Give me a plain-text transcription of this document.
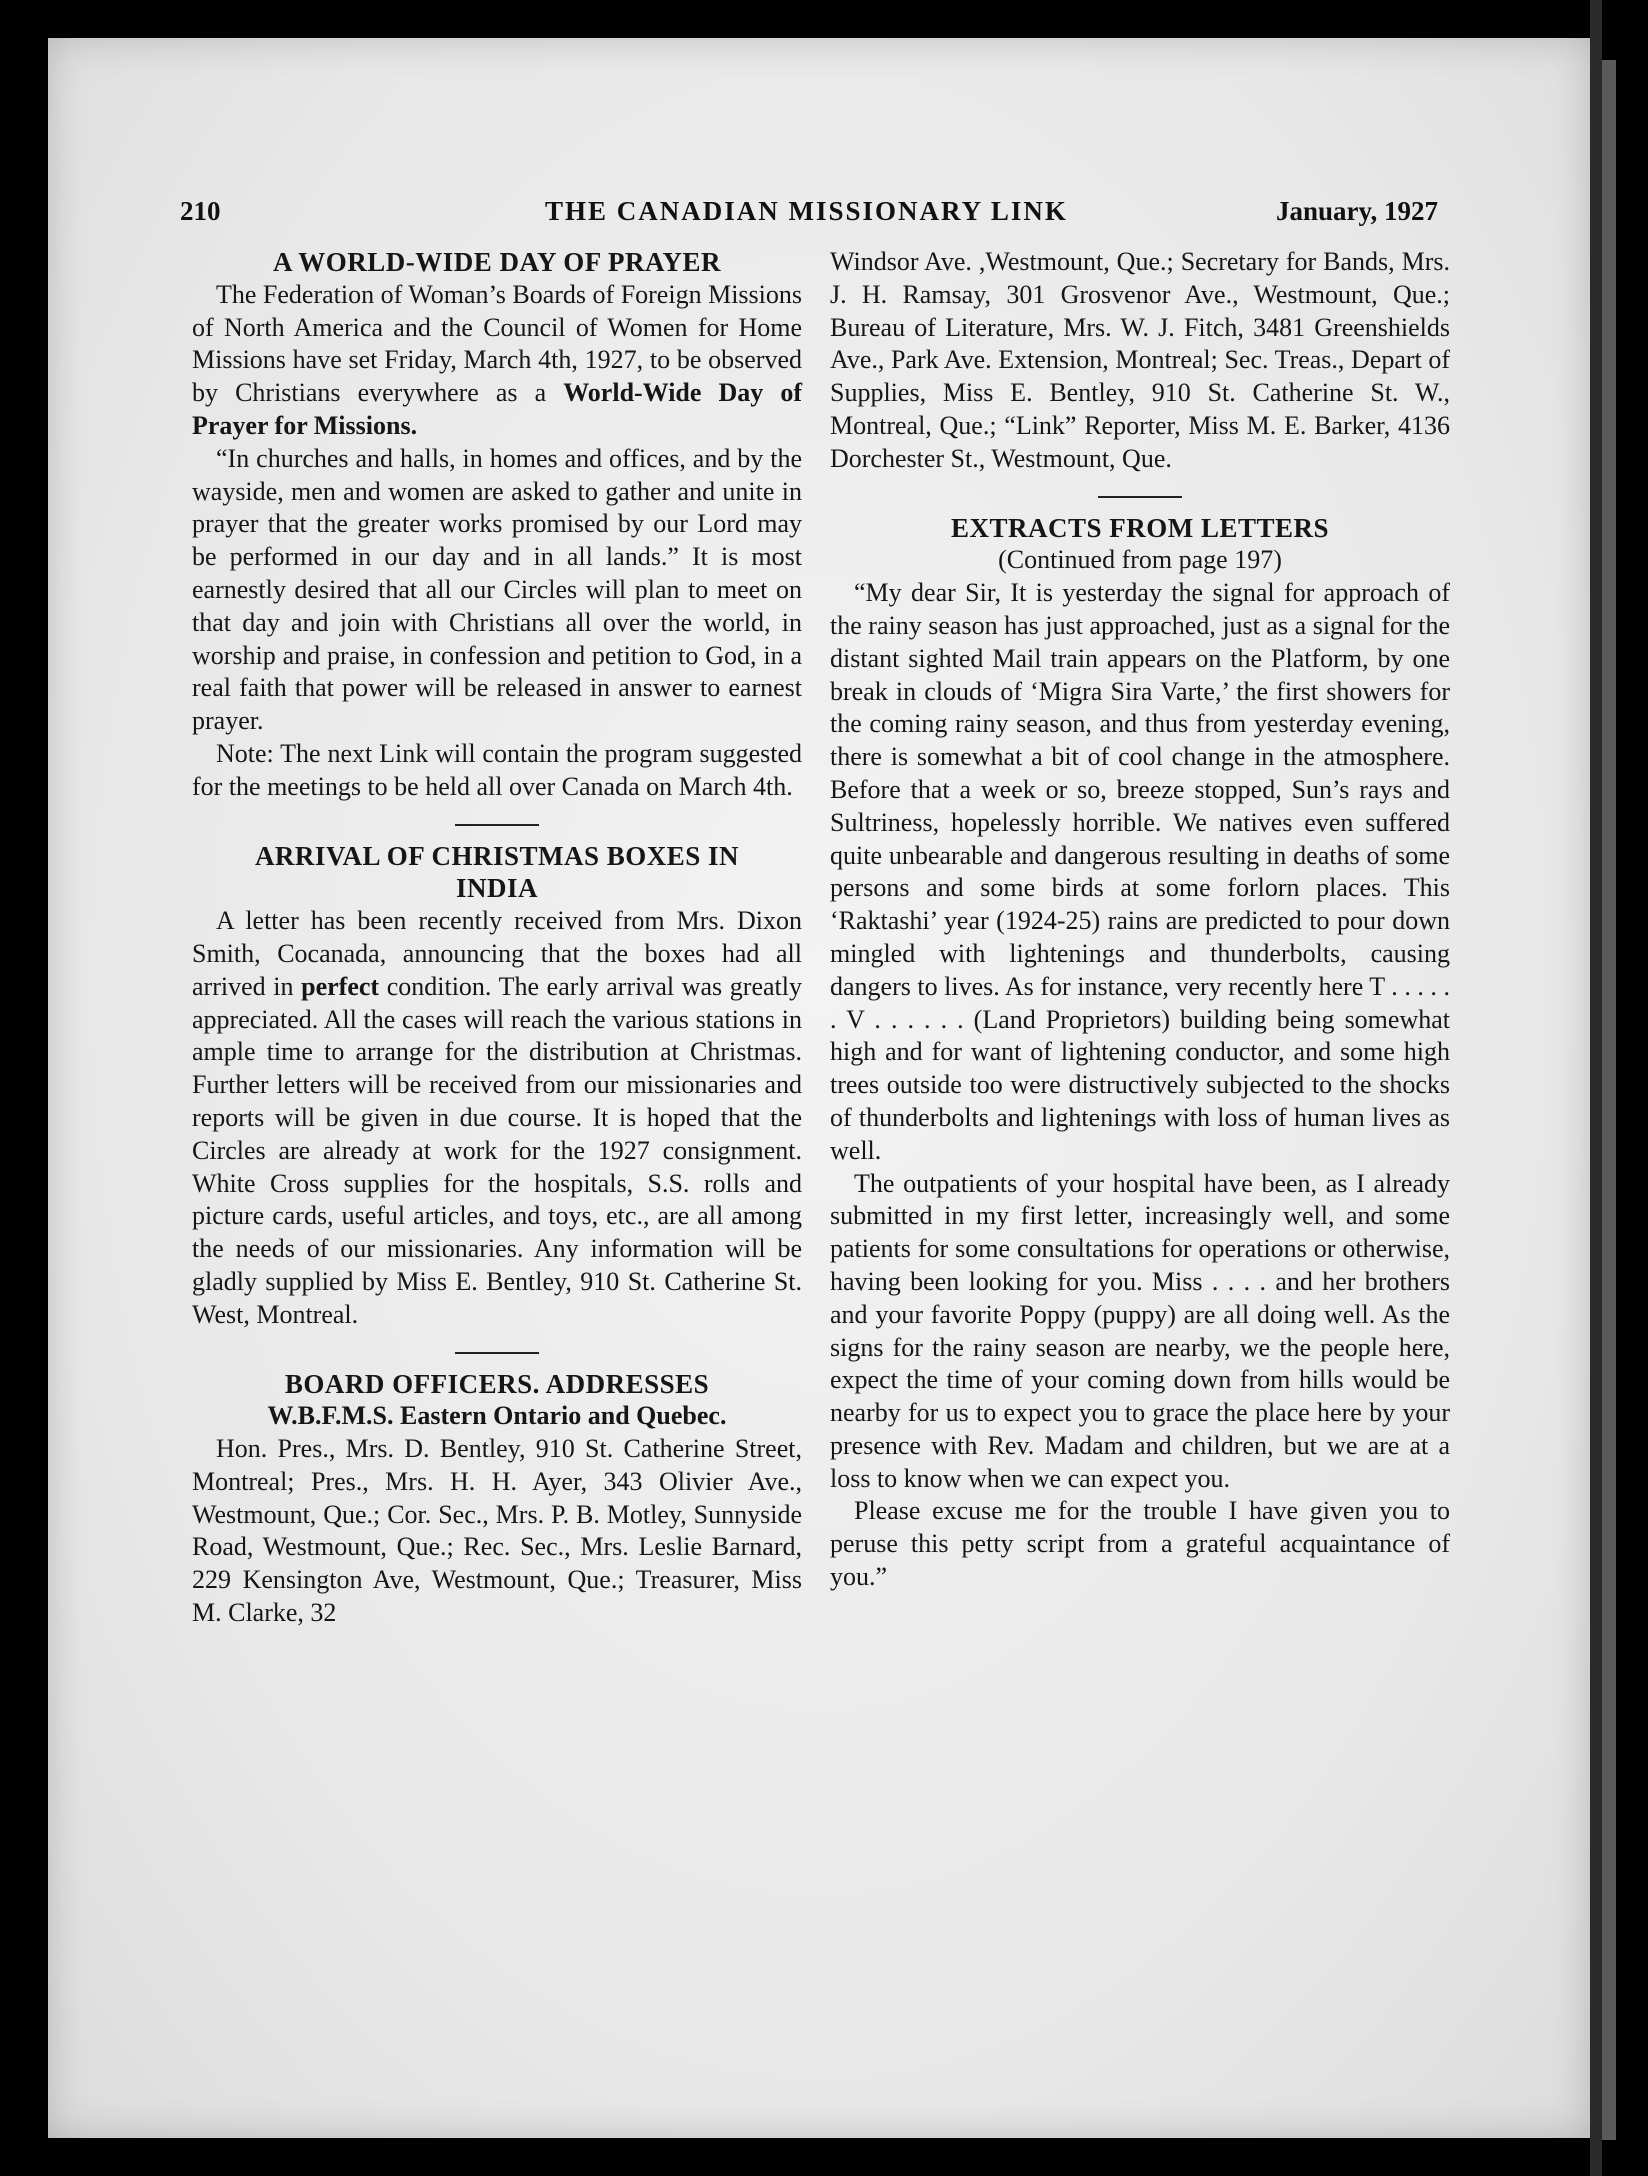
210	THE CANADIAN MISSIONARY LINK	January, 1927
A WORLD-WIDE DAY OF PRAYER

The Federation of Woman’s Boards of Foreign Missions of North America and the Council of Women for Home Missions have set Friday, March 4th, 1927, to be observed by Christians everywhere as a World-Wide Day of Prayer for Missions.

“In churches and halls, in homes and offices, and by the wayside, men and women are asked to gather and unite in prayer that the greater works promised by our Lord may be performed in our day and in all lands.” It is most earnestly desired that all our Circles will plan to meet on that day and join with Christians all over the world, in worship and praise, in confession and petition to God, in a real faith that power will be released in answer to earnest prayer.

Note: The next Link will contain the program suggested for the meetings to be held all over Canada on March 4th.

ARRIVAL OF CHRISTMAS BOXES IN
INDIA

A letter has been recently received from Mrs. Dixon Smith, Cocanada, announcing that the boxes had all arrived in perfect condition. The early arrival was greatly appreciated. All the cases will reach the various stations in ample time to arrange for the distribution at Christmas. Further letters will be received from our missionaries and reports will be given in due course. It is hoped that the Circles are already at work for the 1927 consignment. White Cross supplies for the hospitals, S.S. rolls and picture cards, useful articles, and toys, etc., are all among the needs of our missionaries. Any information will be gladly supplied by Miss E. Bentley, 910 St. Catherine St. West, Montreal.

BOARD OFFICERS. ADDRESSES
W.B.F.M.S. Eastern Ontario and Quebec.

Hon. Pres., Mrs. D. Bentley, 910 St. Catherine Street, Montreal; Pres., Mrs. H. H. Ayer, 343 Olivier Ave., Westmount, Que.; Cor. Sec., Mrs. P. B. Motley, Sunnyside Road, Westmount, Que.; Rec. Sec., Mrs. Leslie Barnard, 229 Kensington Ave, Westmount, Que.; Treasurer, Miss M. Clarke, 32

Windsor Ave. ,Westmount, Que.; Secretary for Bands, Mrs. J. H. Ramsay, 301 Grosvenor Ave., Westmount, Que.; Bureau of Literature, Mrs. W. J. Fitch, 3481 Greenshields Ave., Park Ave. Extension, Montreal; Sec. Treas., Depart of Supplies, Miss E. Bentley, 910 St. Catherine St. W., Montreal, Que.; “Link” Reporter, Miss M. E. Barker, 4136 Dorchester St., Westmount, Que.

EXTRACTS FROM LETTERS
(Continued from page 197)

“My dear Sir, It is yesterday the signal for approach of the rainy season has just approached, just as a signal for the distant sighted Mail train appears on the Platform, by one break in clouds of ‘Migra Sira Varte,’ the first showers for the coming rainy season, and thus from yesterday evening, there is somewhat a bit of cool change in the atmosphere. Before that a week or so, breeze stopped, Sun’s rays and Sultriness, hopelessly horrible. We natives even suffered quite unbearable and dangerous resulting in deaths of some persons and some birds at some forlorn places. This ‘Raktashi’ year (1924-25) rains are predicted to pour down mingled with lightenings and thunderbolts, causing dangers to lives. As for instance, very recently here T . . . . . . V . . . . . . (Land Proprietors) building being somewhat high and for want of lightening conductor, and some high trees outside too were distructively subjected to the shocks of thunderbolts and lightenings with loss of human lives as well.

The outpatients of your hospital have been, as I already submitted in my first letter, increasingly well, and some patients for some consultations for operations or otherwise, having been looking for you. Miss . . . . and her brothers and your favorite Poppy (puppy) are all doing well. As the signs for the rainy season are nearby, we the people here, expect the time of your coming down from hills would be nearby for us to expect you to grace the place here by your presence with Rev. Madam and children, but we are at a loss to know when we can expect you.

Please excuse me for the trouble I have given you to peruse this petty script from a grateful acquaintance of you.”
